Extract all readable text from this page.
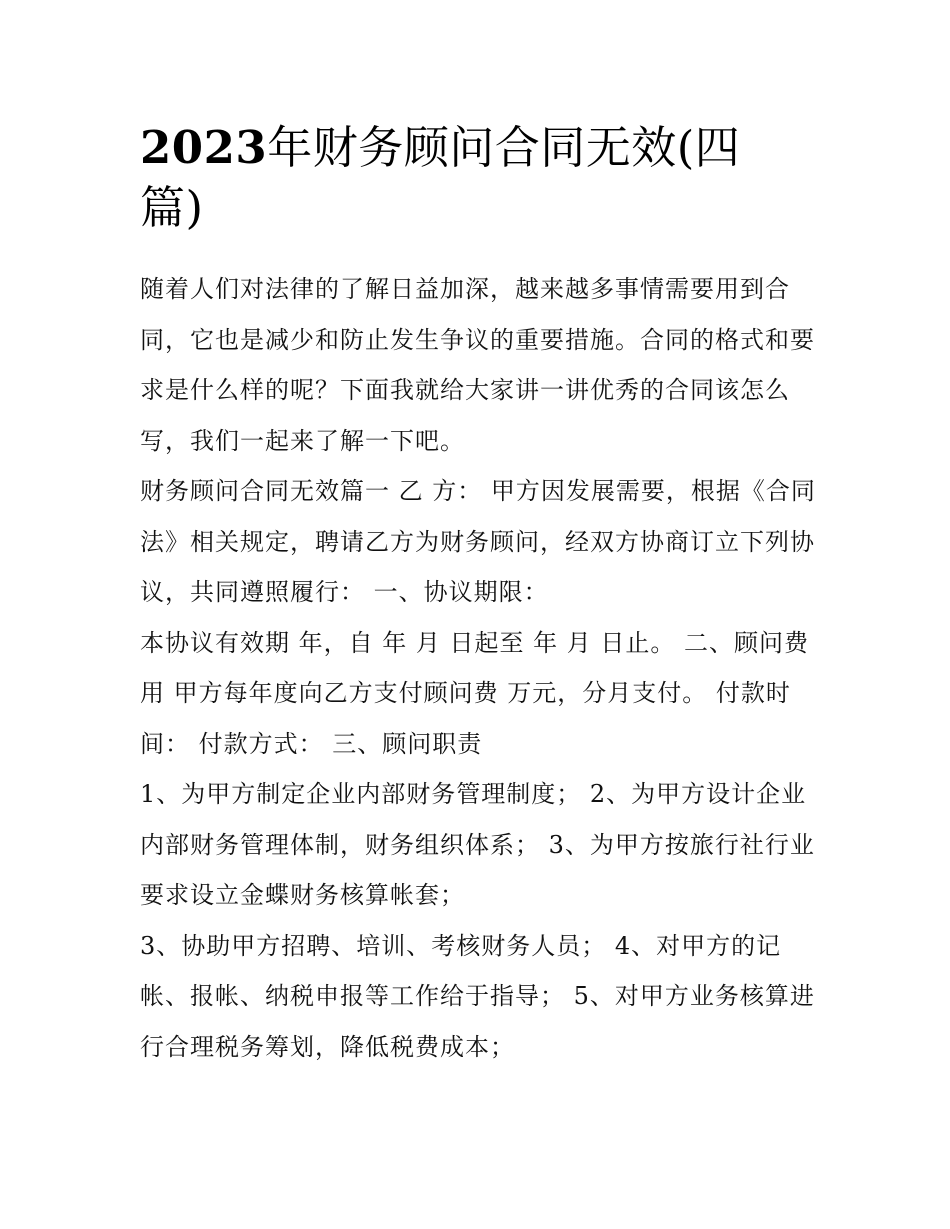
2023年财务顾问合同无效(四
篇)

随着人们对法律的了解日益加深，越来越多事情需要用到合
同，它也是减少和防止发生争议的重要措施。合同的格式和要
求是什么样的呢？下面我就给大家讲一讲优秀的合同该怎么
写，我们一起来了解一下吧。

财务顾问合同无效篇一 乙 方： 甲方因发展需要，根据《合同
法》相关规定，聘请乙方为财务顾问，经双方协商订立下列协
议，共同遵照履行： 一、协议期限：

本协议有效期 年，自 年 月 日起至 年 月 日止。 二、顾问费
用 甲方每年度向乙方支付顾问费 万元，分月支付。 付款时
间： 付款方式： 三、顾问职责

1、为甲方制定企业内部财务管理制度； 2、为甲方设计企业
内部财务管理体制，财务组织体系； 3、为甲方按旅行社行业
要求设立金蝶财务核算帐套；

3、协助甲方招聘、培训、考核财务人员； 4、对甲方的记
帐、报帐、纳税申报等工作给于指导； 5、对甲方业务核算进
行合理税务筹划，降低税费成本；
